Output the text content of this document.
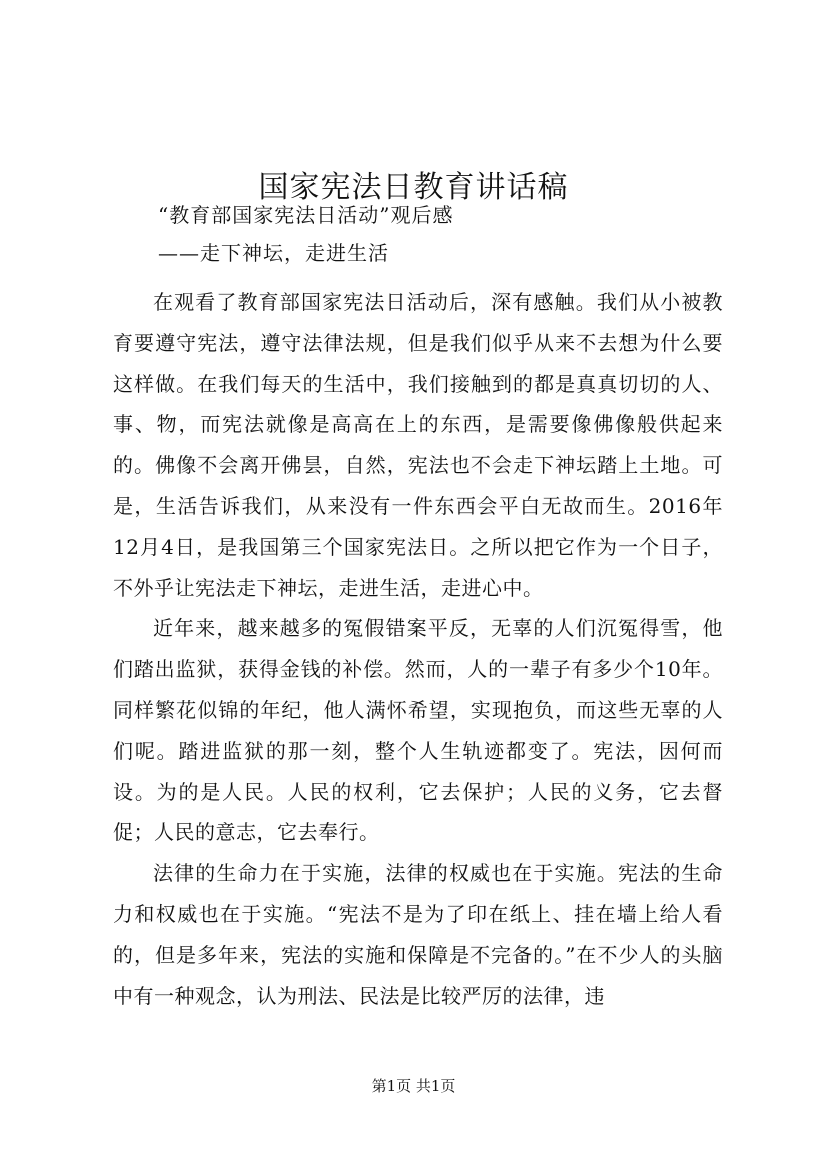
国家宪法日教育讲话稿
“教育部国家宪法日活动”观后感
——走下神坛，走进生活

在观看了教育部国家宪法日活动后，深有感触。我们从小被教育要遵守宪法，遵守法律法规，但是我们似乎从来不去想为什么要这样做。在我们每天的生活中，我们接触到的都是真真切切的人、事、物，而宪法就像是高高在上的东西，是需要像佛像般供起来的。佛像不会离开佛昙，自然，宪法也不会走下神坛踏上土地。可是，生活告诉我们，从来没有一件东西会平白无故而生。2016年12月4日，是我国第三个国家宪法日。之所以把它作为一个日子，不外乎让宪法走下神坛，走进生活，走进心中。

近年来，越来越多的冤假错案平反，无辜的人们沉冤得雪，他们踏出监狱，获得金钱的补偿。然而，人的一辈子有多少个10年。同样繁花似锦的年纪，他人满怀希望，实现抱负，而这些无辜的人们呢。踏进监狱的那一刻，整个人生轨迹都变了。宪法，因何而设。为的是人民。人民的权利，它去保护；人民的义务，它去督促；人民的意志，它去奉行。

法律的生命力在于实施，法律的权威也在于实施。宪法的生命力和权威也在于实施。“宪法不是为了印在纸上、挂在墙上给人看的，但是多年来，宪法的实施和保障是不完备的。”在不少人的头脑中有一种观念，认为刑法、民法是比较严厉的法律，违

第1页 共1页
